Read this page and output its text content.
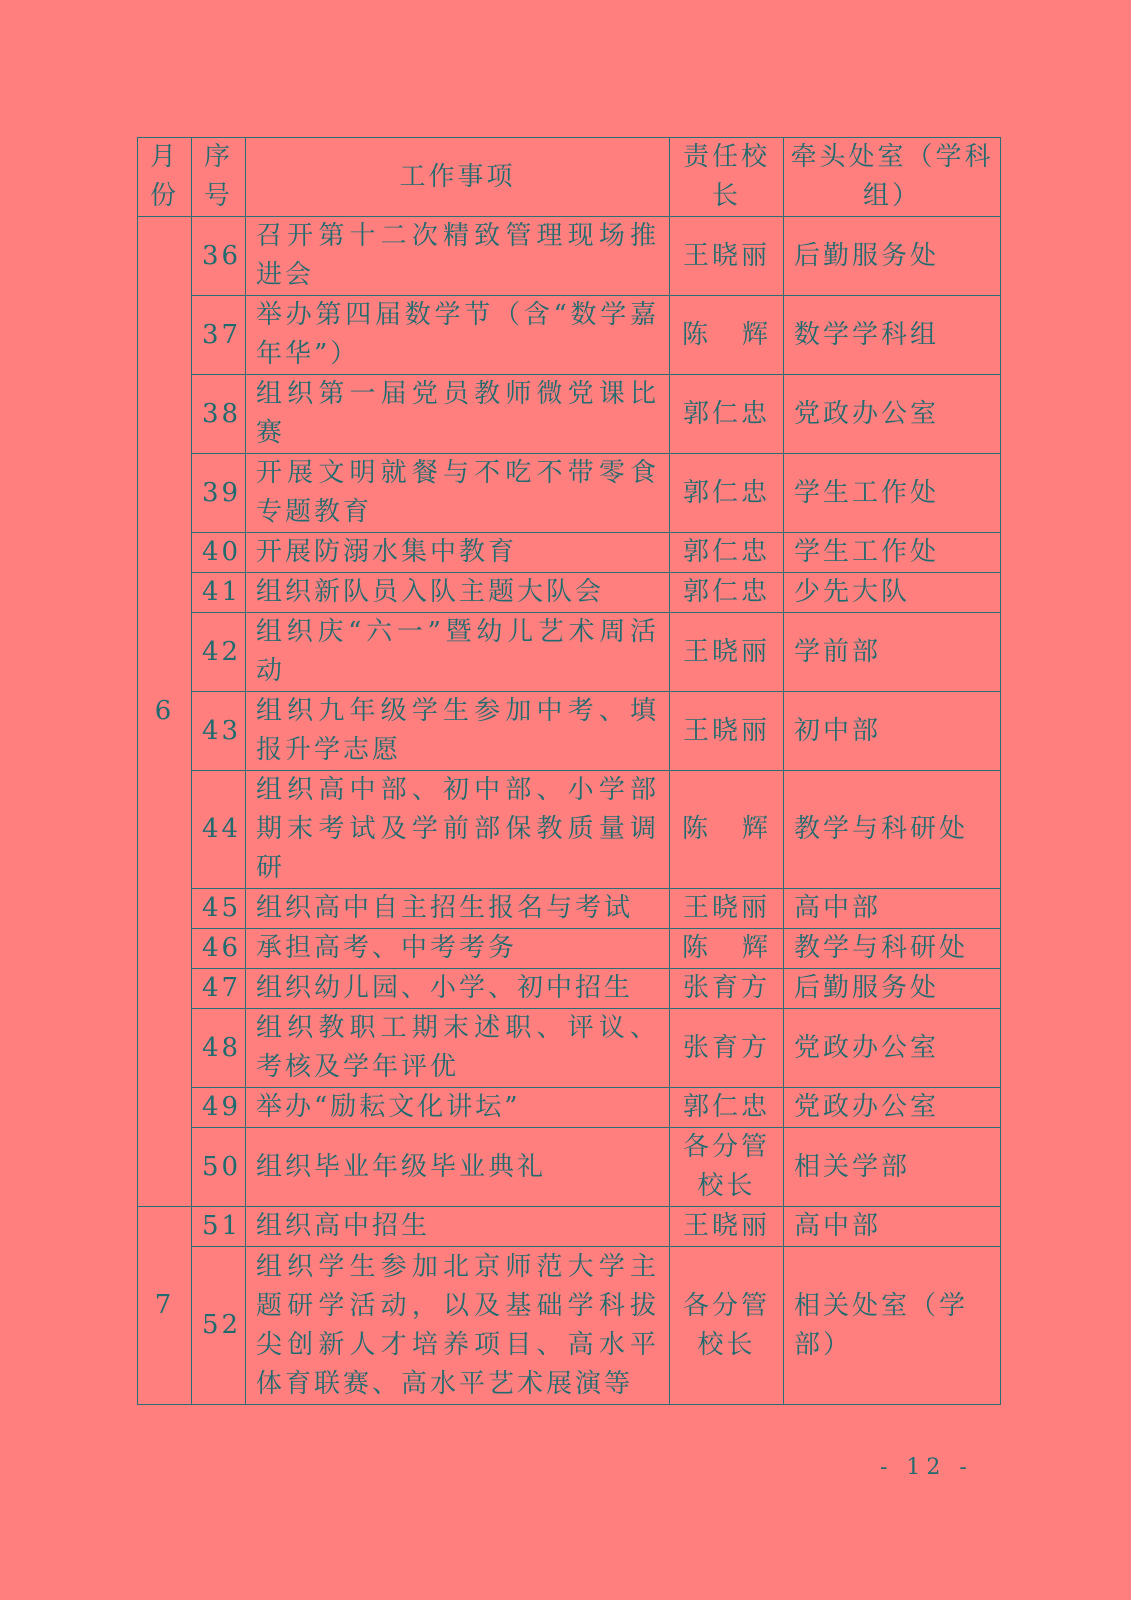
月份	序号	工作事项	责任校长	牵头处室（学科组）
6	36	召开第十二次精致管理现场推进会	王晓丽	后勤服务处
	37	举办第四届数学节（含“数学嘉年华”）	陈 辉	数学学科组
	38	组织第一届党员教师微党课比赛	郭仁忠	党政办公室
	39	开展文明就餐与不吃不带零食专题教育	郭仁忠	学生工作处
	40	开展防溺水集中教育	郭仁忠	学生工作处
	41	组织新队员入队主题大队会	郭仁忠	少先大队
	42	组织庆“六一”暨幼儿艺术周活动	王晓丽	学前部
	43	组织九年级学生参加中考、填报升学志愿	王晓丽	初中部
	44	组织高中部、初中部、小学部期末考试及学前部保教质量调研	陈 辉	教学与科研处
	45	组织高中自主招生报名与考试	王晓丽	高中部
	46	承担高考、中考考务	陈 辉	教学与科研处
	47	组织幼儿园、小学、初中招生	张育方	后勤服务处
	48	组织教职工期末述职、评议、考核及学年评优	张育方	党政办公室
	49	举办“励耘文化讲坛”	郭仁忠	党政办公室
	50	组织毕业年级毕业典礼	各分管校长	相关学部
7	51	组织高中招生	王晓丽	高中部
	52	组织学生参加北京师范大学主题研学活动，以及基础学科拔尖创新人才培养项目、高水平体育联赛、高水平艺术展演等	各分管校长	相关处室（学部）
- 12 -
